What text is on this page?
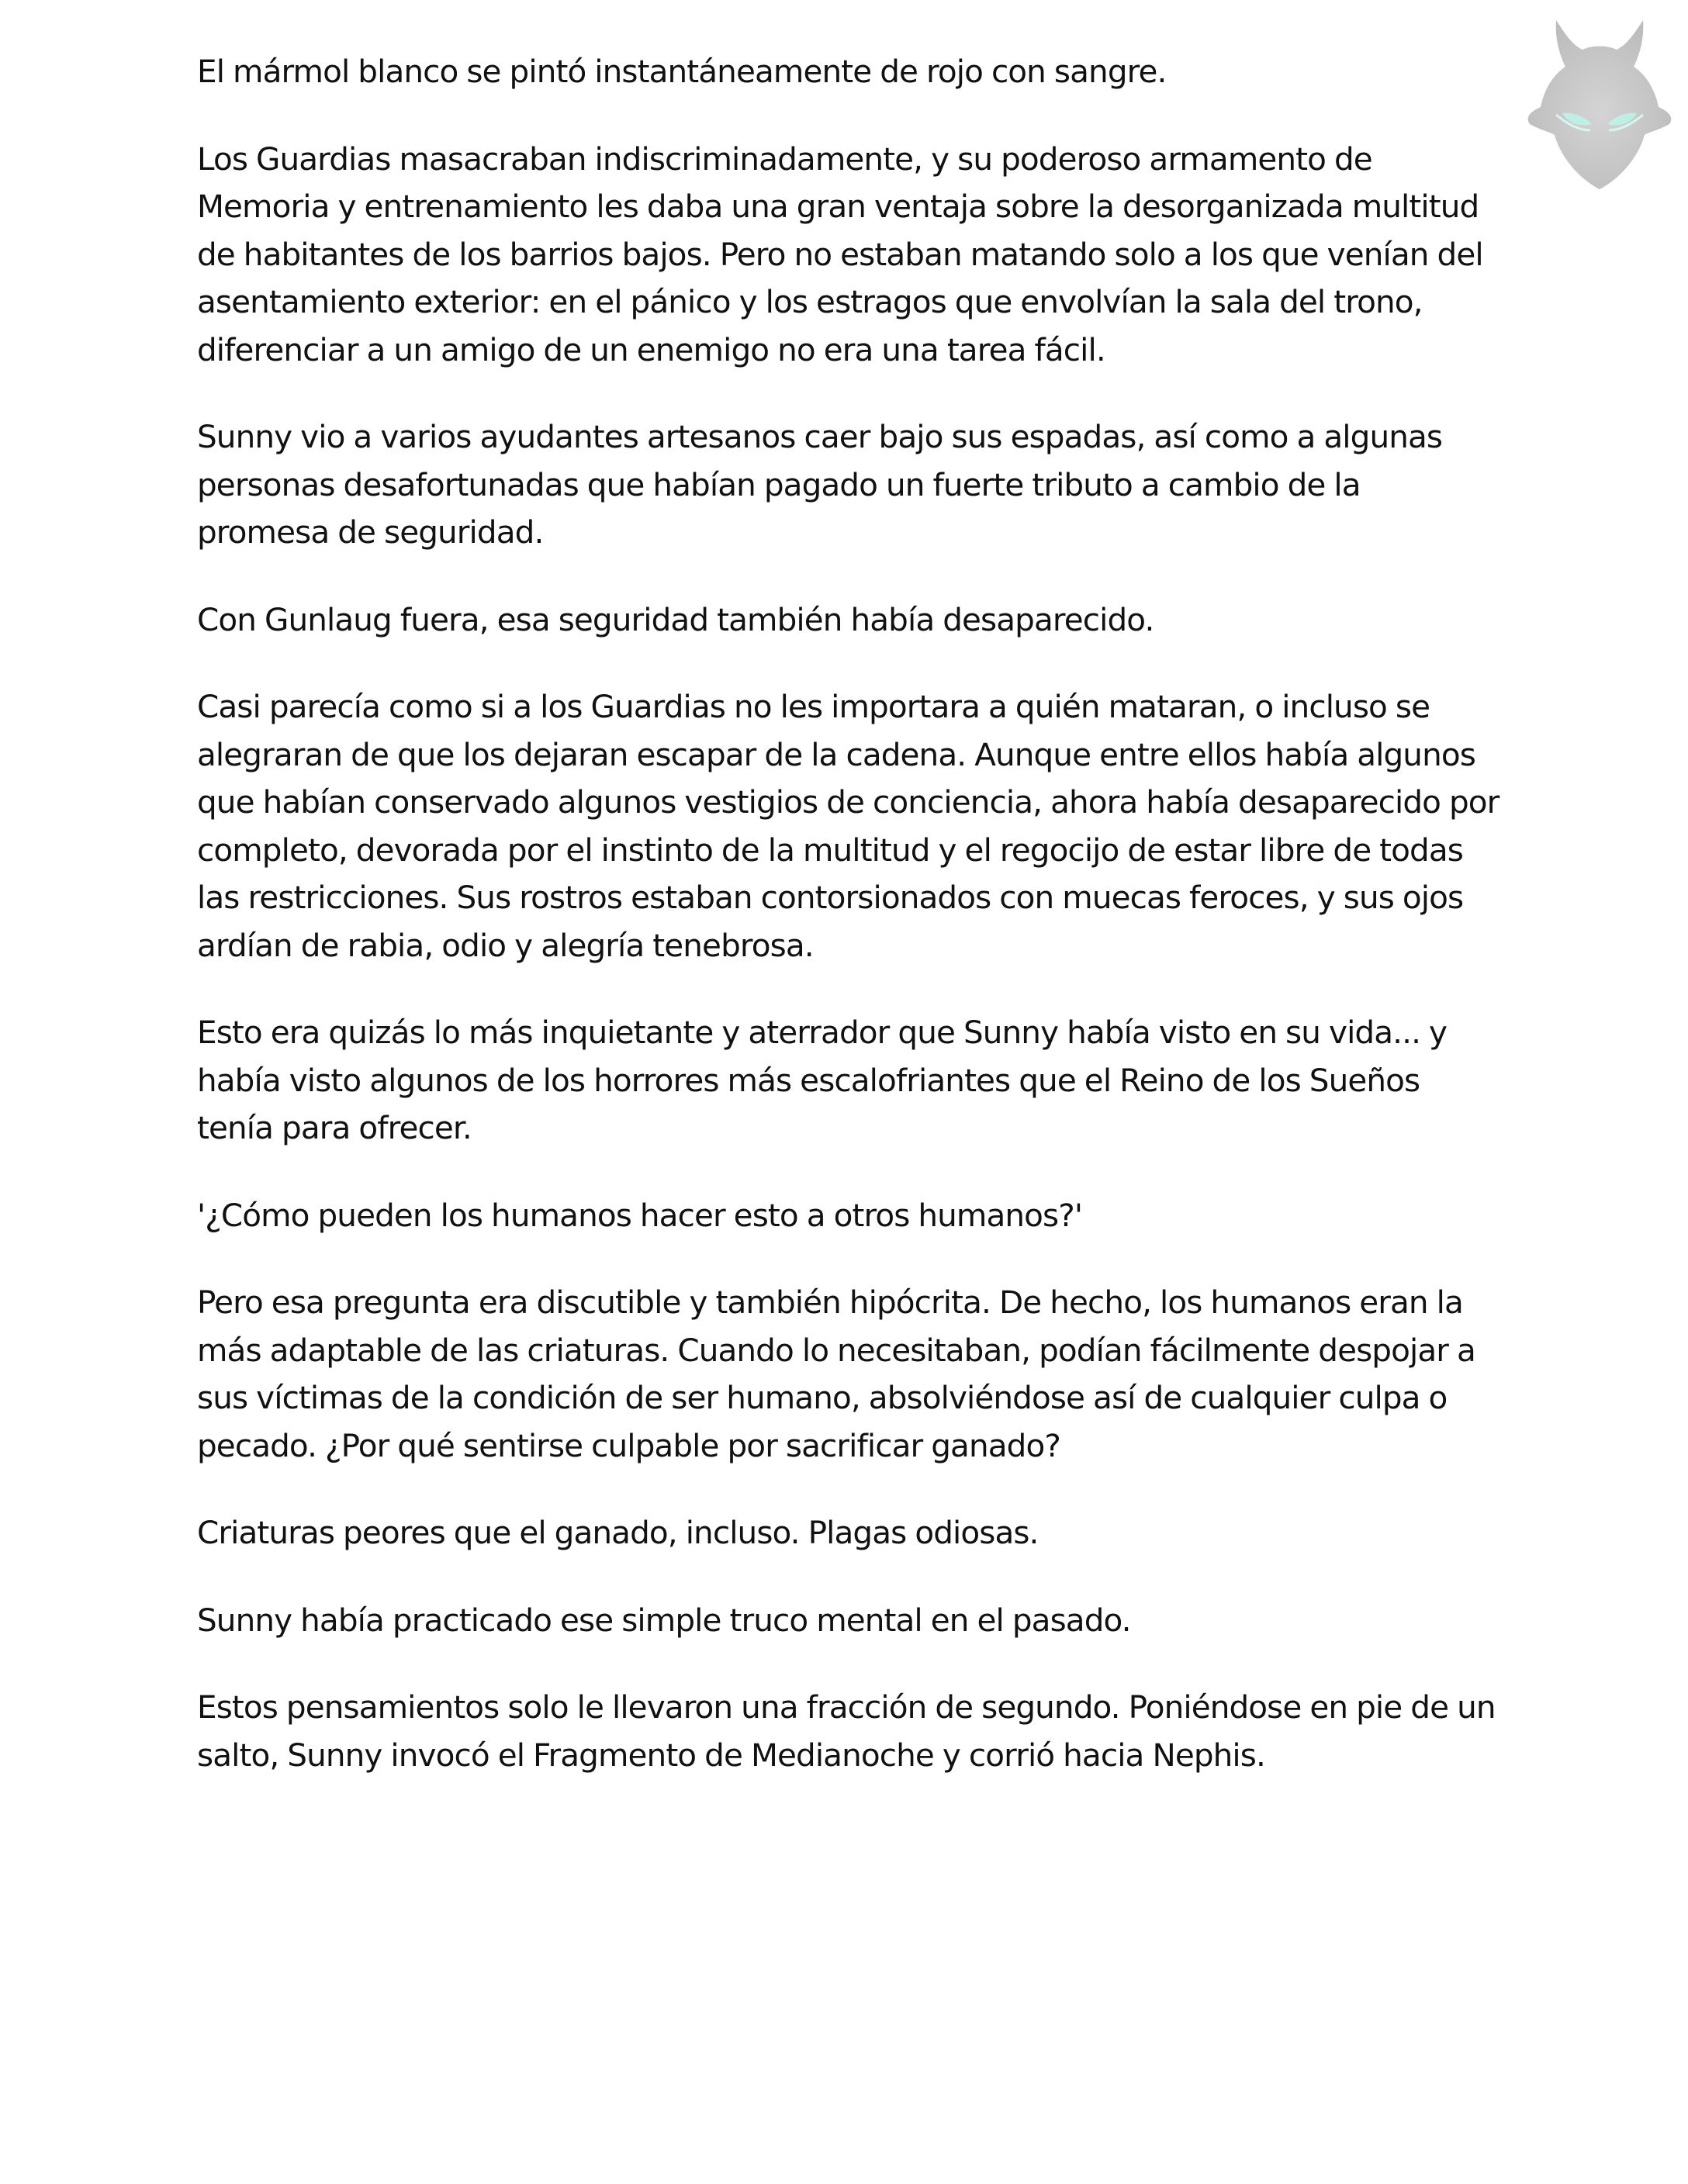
El mármol blanco se pintó instantáneamente de rojo con sangre.

Los Guardias masacraban indiscriminadamente, y su poderoso armamento de Memoria y entrenamiento les daba una gran ventaja sobre la desorganizada multitud de habitantes de los barrios bajos. Pero no estaban matando solo a los que venían del asentamiento exterior: en el pánico y los estragos que envolvían la sala del trono, diferenciar a un amigo de un enemigo no era una tarea fácil.

Sunny vio a varios ayudantes artesanos caer bajo sus espadas, así como a algunas personas desafortunadas que habían pagado un fuerte tributo a cambio de la promesa de seguridad.

Con Gunlaug fuera, esa seguridad también había desaparecido.

Casi parecía como si a los Guardias no les importara a quién mataran, o incluso se alegraran de que los dejaran escapar de la cadena. Aunque entre ellos había algunos que habían conservado algunos vestigios de conciencia, ahora había desaparecido por completo, devorada por el instinto de la multitud y el regocijo de estar libre de todas las restricciones. Sus rostros estaban contorsionados con muecas feroces, y sus ojos ardían de rabia, odio y alegría tenebrosa.

Esto era quizás lo más inquietante y aterrador que Sunny había visto en su vida... y había visto algunos de los horrores más escalofriantes que el Reino de los Sueños tenía para ofrecer.

'¿Cómo pueden los humanos hacer esto a otros humanos?'

Pero esa pregunta era discutible y también hipócrita. De hecho, los humanos eran la más adaptable de las criaturas. Cuando lo necesitaban, podían fácilmente despojar a sus víctimas de la condición de ser humano, absolviéndose así de cualquier culpa o pecado. ¿Por qué sentirse culpable por sacrificar ganado?

Criaturas peores que el ganado, incluso. Plagas odiosas.

Sunny había practicado ese simple truco mental en el pasado.

Estos pensamientos solo le llevaron una fracción de segundo. Poniéndose en pie de un salto, Sunny invocó el Fragmento de Medianoche y corrió hacia Nephis.
